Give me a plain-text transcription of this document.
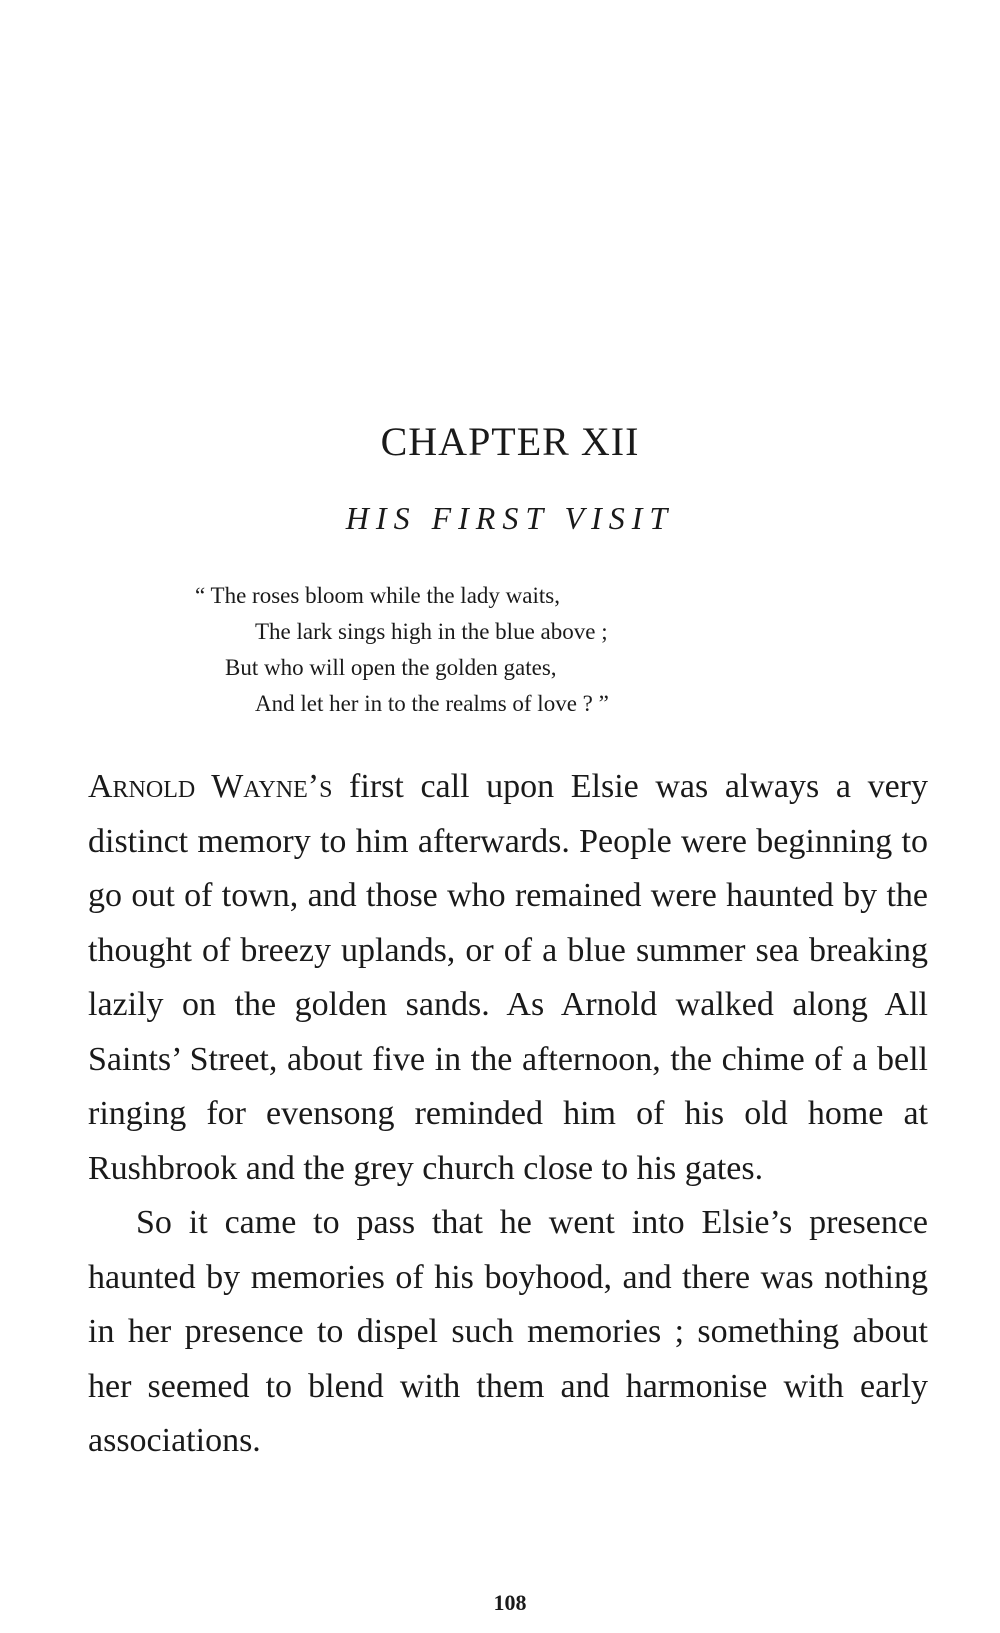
CHAPTER XII
HIS FIRST VISIT
“ The roses bloom while the lady waits,
The lark sings high in the blue above ;
But who will open the golden gates,
And let her in to the realms of love ? ”

Arnold Wayne’s first call upon Elsie was always a very distinct memory to him afterwards. People were beginning to go out of town, and those who remained were haunted by the thought of breezy uplands, or of a blue summer sea breaking lazily on the golden sands. As Arnold walked along All Saints’ Street, about five in the afternoon, the chime of a bell ringing for evensong reminded him of his old home at Rushbrook and the grey church close to his gates.

So it came to pass that he went into Elsie’s presence haunted by memories of his boyhood, and there was nothing in her presence to dispel such memories ; something about her seemed to blend with them and harmonise with early associations.

108
